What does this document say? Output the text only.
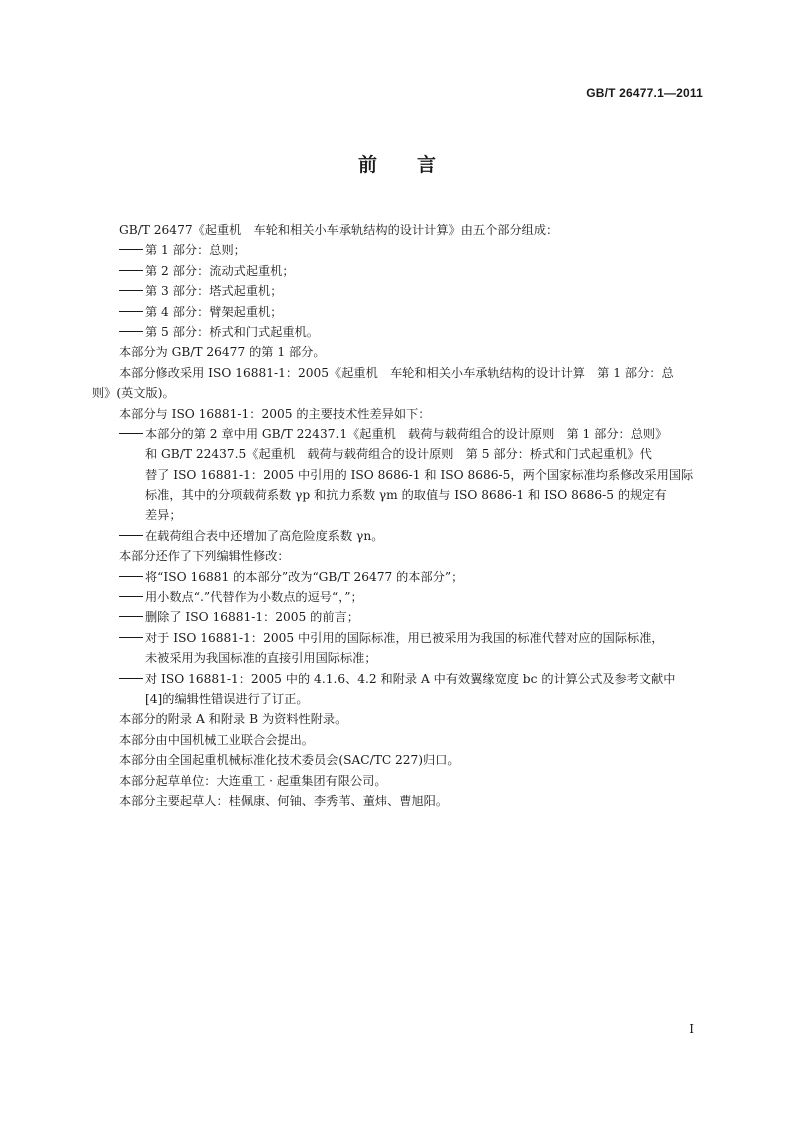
GB/T 26477.1—2011
前言
GB/T 26477《起重机　车轮和相关小车承轨结构的设计计算》由五个部分组成：
第 1 部分：总则；
第 2 部分：流动式起重机；
第 3 部分：塔式起重机；
第 4 部分：臂架起重机；
第 5 部分：桥式和门式起重机。
本部分为 GB/T 26477 的第 1 部分。
本部分修改采用 ISO 16881-1：2005《起重机　车轮和相关小车承轨结构的设计计算　第 1 部分：总
则》(英文版)。
本部分与 ISO 16881-1：2005 的主要技术性差异如下：
本部分的第 2 章中用 GB/T 22437.1《起重机　载荷与载荷组合的设计原则　第 1 部分：总则》
和 GB/T 22437.5《起重机　载荷与载荷组合的设计原则　第 5 部分：桥式和门式起重机》代
替了 ISO 16881-1：2005 中引用的 ISO 8686-1 和 ISO 8686-5，两个国家标准均系修改采用国际
标准，其中的分项载荷系数 γp 和抗力系数 γm 的取值与 ISO 8686-1 和 ISO 8686-5 的规定有
差异；
在载荷组合表中还增加了高危险度系数 γn。
本部分还作了下列编辑性修改：
将“ISO 16881 的本部分”改为“GB/T 26477 的本部分”；
用小数点“.”代替作为小数点的逗号“，”；
删除了 ISO 16881-1：2005 的前言；
对于 ISO 16881-1：2005 中引用的国际标准，用已被采用为我国的标准代替对应的国际标准，
未被采用为我国标准的直接引用国际标准；
对 ISO 16881-1：2005 中的 4.1.6、4.2 和附录 A 中有效翼缘宽度 bc 的计算公式及参考文献中
[4]的编辑性错误进行了订正。
本部分的附录 A 和附录 B 为资料性附录。
本部分由中国机械工业联合会提出。
本部分由全国起重机械标准化技术委员会(SAC/TC 227)归口。
本部分起草单位：大连重工 · 起重集团有限公司。
本部分主要起草人：桂佩康、何铀、李秀苇、董炜、曹旭阳。
I
